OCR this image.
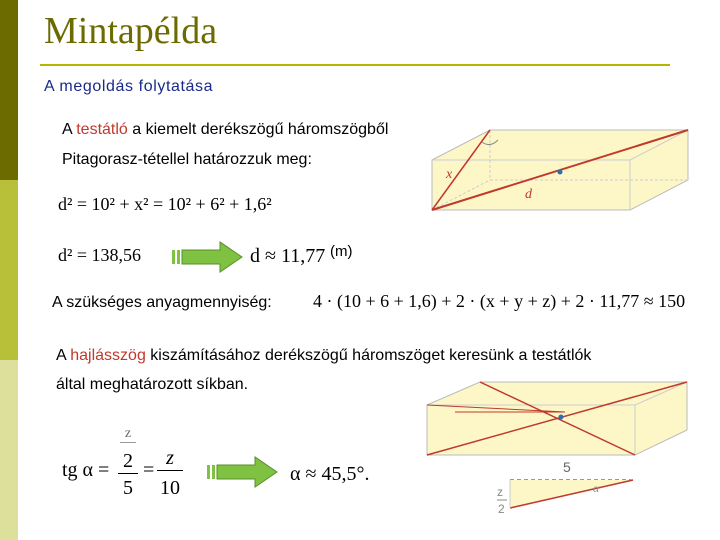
Mintapélda
A megoldás folytatása
A testátló a kiemelt derékszögű háromszögből
Pitagorasz-tétellel határozzuk meg:
d² = 10² + x² = 10² + 6² + 1,6²
d² = 138,56	d ≈ 11,77 (m)
A szükséges anyagmennyiség: 4 · (10 + 6 + 1,6) + 2 · (x + y + z) + 2 · 11,77 ≈ 150
A hajlásszög kiszámításához derékszögű háromszöget keresünk a testátlók
által meghatározott síkban.
tg α =
z
2
5
=
z
10
α ≈ 45,5°.
x
d
5
α
z
2
